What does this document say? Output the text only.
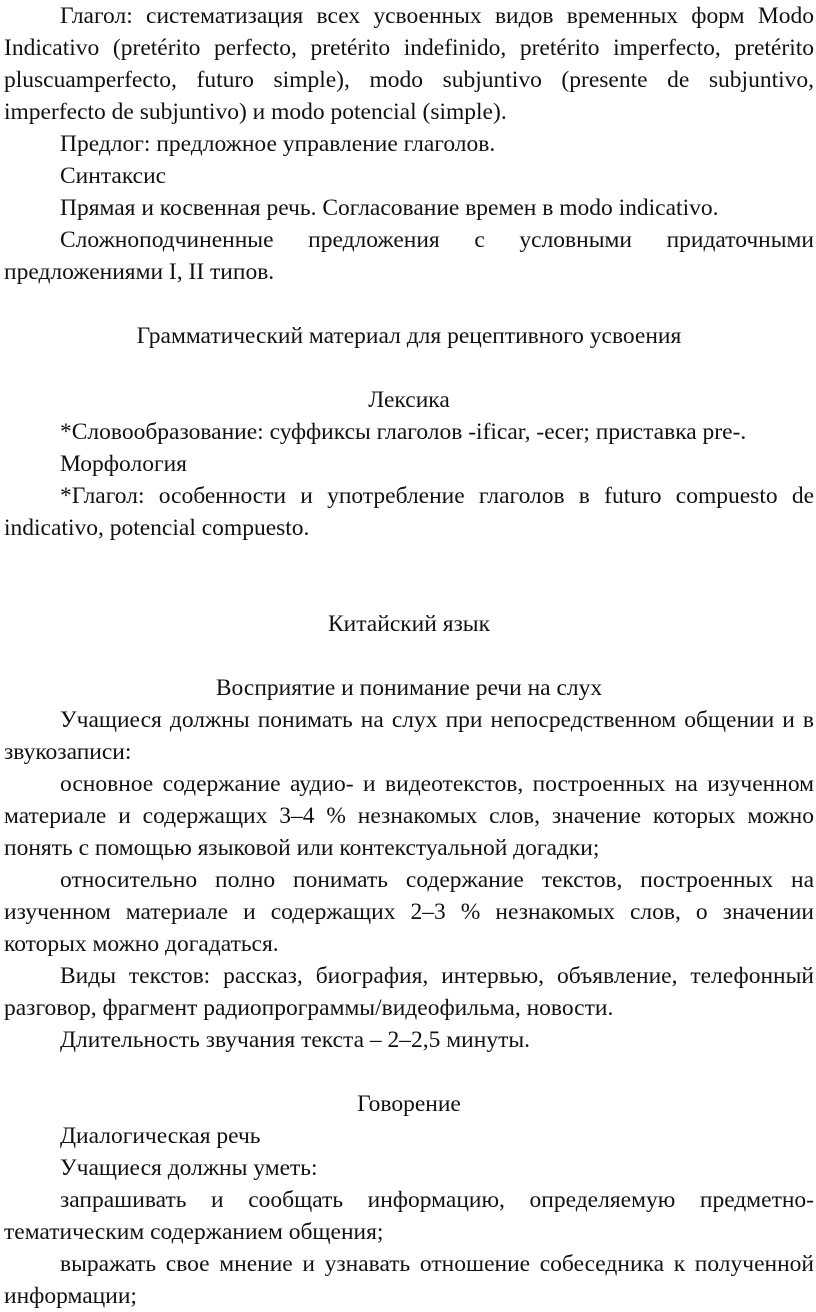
Глагол: систематизация всех усвоенных видов временных форм Modo Indicativo (pretérito perfecto, pretérito indefinido, pretérito imperfecto, pretérito pluscuamperfecto, futuro simple), modo subjuntivo (presente de subjuntivo, imperfecto de subjuntivo) и modo potencial (simple).

Предлог: предложное управление глаголов.

Синтаксис

Прямая и косвенная речь. Согласование времен в modo indicativo.

Сложноподчиненные предложения с условными придаточными предложениями I, II типов.

Грамматический материал для рецептивного усвоения

Лексика

*Словообразование: суффиксы глаголов -ificar, -ecer; приставка pre-.

Морфология

*Глагол: особенности и употребление глаголов в futuro compuesto de indicativo, potencial compuesto.

Китайский язык

Восприятие и понимание речи на слух

Учащиеся должны понимать на слух при непосредственном общении и в звукозаписи:

основное содержание аудио- и видеотекстов, построенных на изученном материале и содержащих 3–4 % незнакомых слов, значение которых можно понять с помощью языковой или контекстуальной догадки;

относительно полно понимать содержание текстов, построенных на изученном материале и содержащих 2–3 % незнакомых слов, о значении которых можно догадаться.

Виды текстов: рассказ, биография, интервью, объявление, телефонный разговор, фрагмент радиопрограммы/видеофильма, новости.

Длительность звучания текста – 2–2,5 минуты.

Говорение

Диалогическая речь

Учащиеся должны уметь:

запрашивать и сообщать информацию, определяемую предметно-тематическим содержанием общения;

выражать свое мнение и узнавать отношение собеседника к полученной информации;
